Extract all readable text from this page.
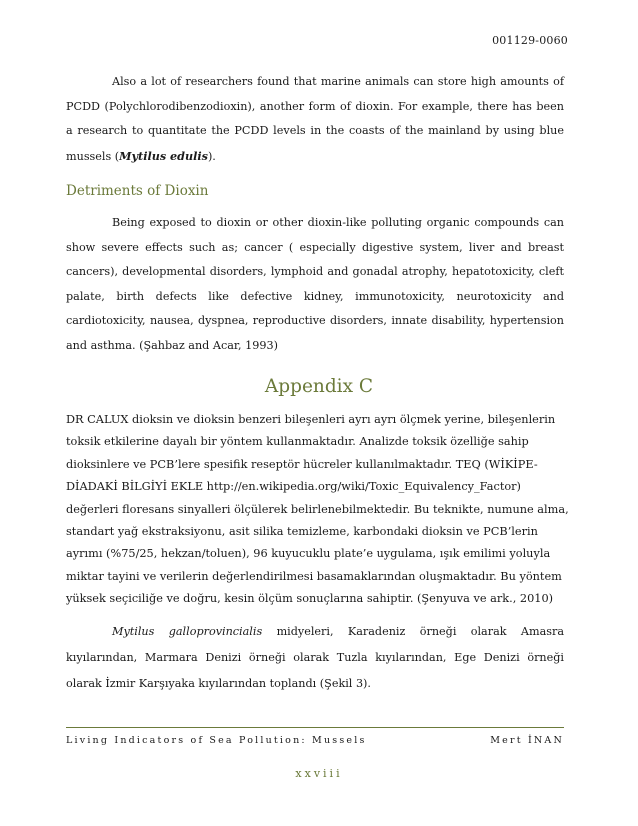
001129-0060

Also a lot of researchers found that marine animals can store high amounts of PCDD (Polychlorodibenzodioxin), another form of dioxin. For example, there has been a research to quantitate the PCDD levels in the coasts of the mainland by using blue mussels (Mytilus edulis).

Detriments of Dioxin

Being exposed to dioxin or other dioxin-like polluting organic compounds can show severe effects such as; cancer ( especially digestive system, liver and breast cancers), developmental disorders, lymphoid and gonadal atrophy, hepatotoxicity, cleft palate, birth defects like defective kidney, immunotoxicity, neurotoxicity and cardiotoxicity, nausea, dyspnea, reproductive disorders, innate disability, hypertension and asthma. (Şahbaz and Acar, 1993)

Appendix C
DR CALUX dioksin ve dioksin benzeri bileşenleri ayrı ayrı ölçmek yerine, bileşenlerin
toksik etkilerine dayalı bir yöntem kullanmaktadır. Analizde toksik özelliğe sahip
dioksinlere ve PCB’lere spesifik reseptör hücreler kullanılmaktadır. TEQ (WİKİPE-
DİADAKİ BİLGİYİ EKLE http://en.wikipedia.org/wiki/Toxic_Equivalency_Factor)
değerleri floresans sinyalleri ölçülerek belirlenebilmektedir. Bu teknikte, numune alma,
standart yağ ekstraksiyonu, asit silika temizleme, karbondaki dioksin ve PCB’lerin
ayrımı (%75/25, hekzan/toluen), 96 kuyucuklu plate’e uygulama, ışık emilimi yoluyla
miktar tayini ve verilerin değerlendirilmesi basamaklarından oluşmaktadır. Bu yöntem
yüksek seçiciliğe ve doğru, kesin ölçüm sonuçlarına sahiptir. (Şenyuva ve ark., 2010)

Mytilus galloprovincialis midyeleri, Karadeniz örneği olarak Amasra kıyılarından, Marmara Denizi örneği olarak Tuzla kıyılarından, Ege Denizi örneği olarak İzmir Karşıyaka kıyılarından toplandı (Şekil 3).

Living Indicators of Sea Pollution: Mussels	Mert İNAN
xxviii
